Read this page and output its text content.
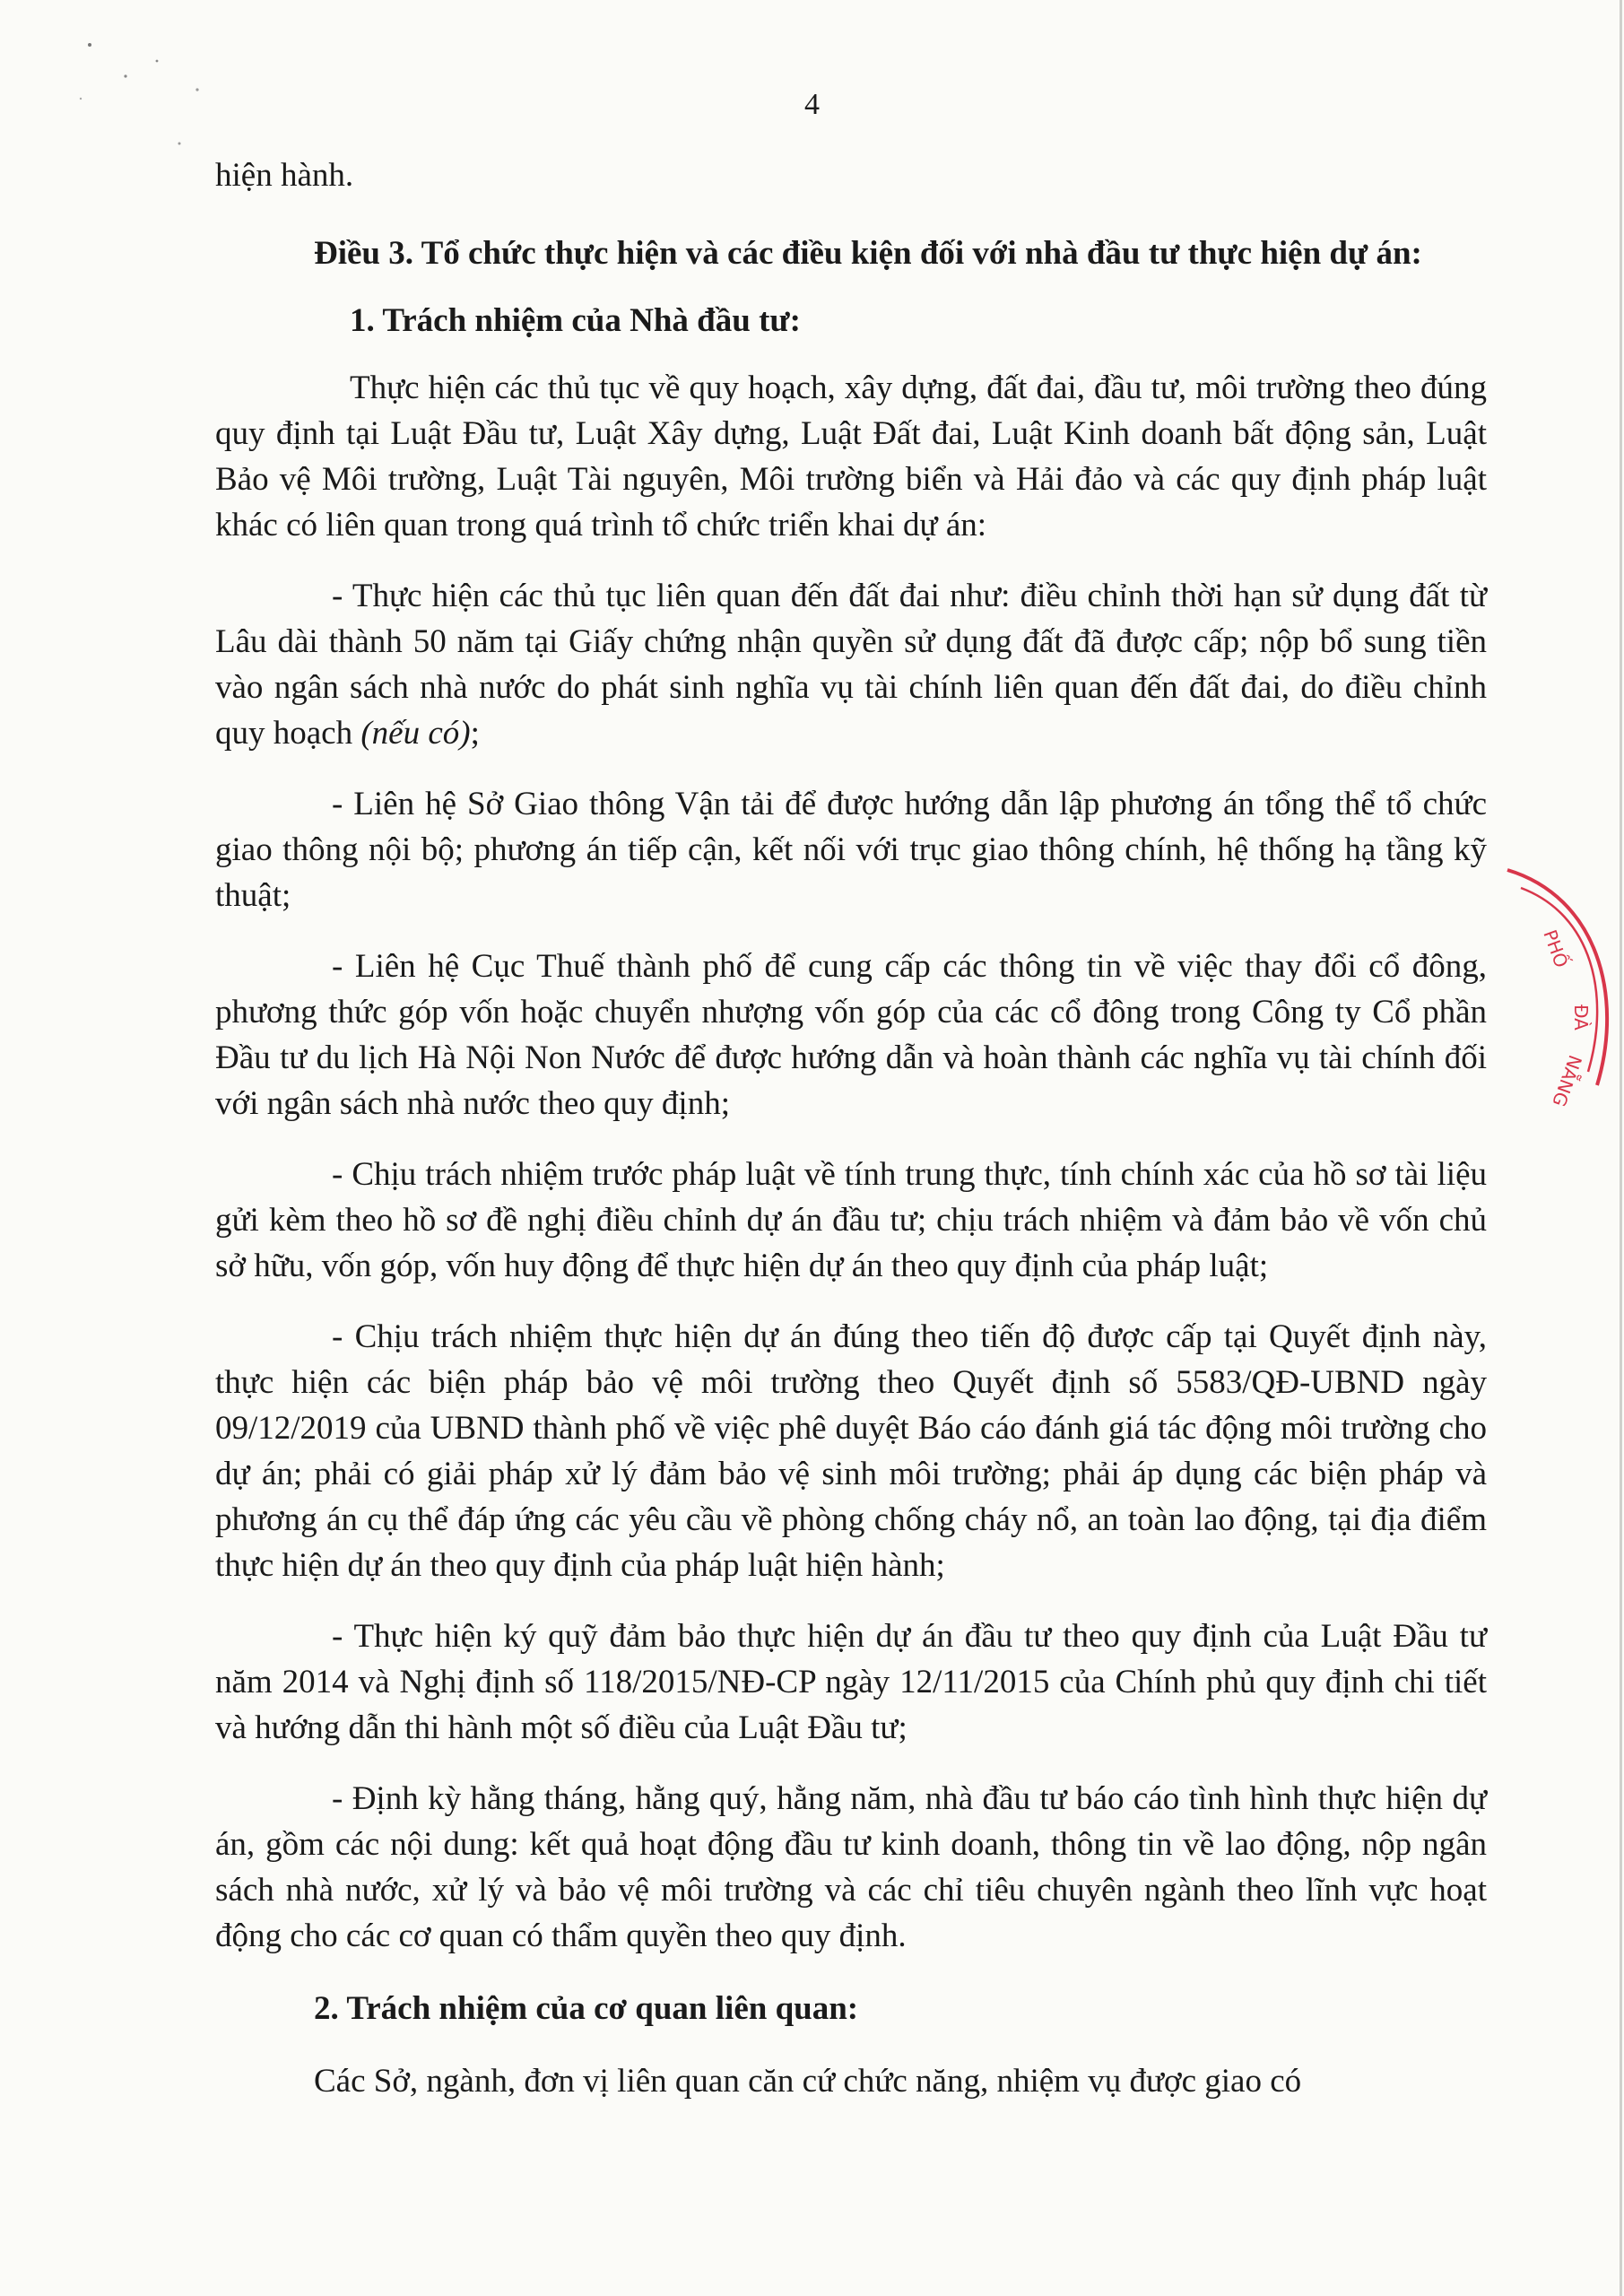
4

hiện hành.

Điều 3. Tổ chức thực hiện và các điều kiện đối với nhà đầu tư thực hiện dự án:

1. Trách nhiệm của Nhà đầu tư:

Thực hiện các thủ tục về quy hoạch, xây dựng, đất đai, đầu tư, môi trường theo đúng quy định tại Luật Đầu tư, Luật Xây dựng, Luật Đất đai, Luật Kinh doanh bất động sản, Luật Bảo vệ Môi trường, Luật Tài nguyên, Môi trường biển và Hải đảo và các quy định pháp luật khác có liên quan trong quá trình tổ chức triển khai dự án:

- Thực hiện các thủ tục liên quan đến đất đai như: điều chỉnh thời hạn sử dụng đất từ Lâu dài thành 50 năm tại Giấy chứng nhận quyền sử dụng đất đã được cấp; nộp bổ sung tiền vào ngân sách nhà nước do phát sinh nghĩa vụ tài chính liên quan đến đất đai, do điều chỉnh quy hoạch (nếu có);

- Liên hệ Sở Giao thông Vận tải để được hướng dẫn lập phương án tổng thể tổ chức giao thông nội bộ; phương án tiếp cận, kết nối với trục giao thông chính, hệ thống hạ tầng kỹ thuật;

- Liên hệ Cục Thuế thành phố để cung cấp các thông tin về việc thay đổi cổ đông, phương thức góp vốn hoặc chuyển nhượng vốn góp của các cổ đông trong Công ty Cổ phần Đầu tư du lịch Hà Nội Non Nước để được hướng dẫn và hoàn thành các nghĩa vụ tài chính đối với ngân sách nhà nước theo quy định;

- Chịu trách nhiệm trước pháp luật về tính trung thực, tính chính xác của hồ sơ tài liệu gửi kèm theo hồ sơ đề nghị điều chỉnh dự án đầu tư; chịu trách nhiệm và đảm bảo về vốn chủ sở hữu, vốn góp, vốn huy động để thực hiện dự án theo quy định của pháp luật;

- Chịu trách nhiệm thực hiện dự án đúng theo tiến độ được cấp tại Quyết định này, thực hiện các biện pháp bảo vệ môi trường theo Quyết định số 5583/QĐ-UBND ngày 09/12/2019 của UBND thành phố về việc phê duyệt Báo cáo đánh giá tác động môi trường cho dự án; phải có giải pháp xử lý đảm bảo vệ sinh môi trường; phải áp dụng các biện pháp và phương án cụ thể đáp ứng các yêu cầu về phòng chống cháy nổ, an toàn lao động, tại địa điểm thực hiện dự án theo quy định của pháp luật hiện hành;

- Thực hiện ký quỹ đảm bảo thực hiện dự án đầu tư theo quy định của Luật Đầu tư năm 2014 và Nghị định số 118/2015/NĐ-CP ngày 12/11/2015 của Chính phủ quy định chi tiết và hướng dẫn thi hành một số điều của Luật Đầu tư;

- Định kỳ hằng tháng, hằng quý, hằng năm, nhà đầu tư báo cáo tình hình thực hiện dự án, gồm các nội dung: kết quả hoạt động đầu tư kinh doanh, thông tin về lao động, nộp ngân sách nhà nước, xử lý và bảo vệ môi trường và các chỉ tiêu chuyên ngành theo lĩnh vực hoạt động cho các cơ quan có thẩm quyền theo quy định.

2. Trách nhiệm của cơ quan liên quan:

Các Sở, ngành, đơn vị liên quan căn cứ chức năng, nhiệm vụ được giao có

PHỐ
ĐÀ
NẴNG
